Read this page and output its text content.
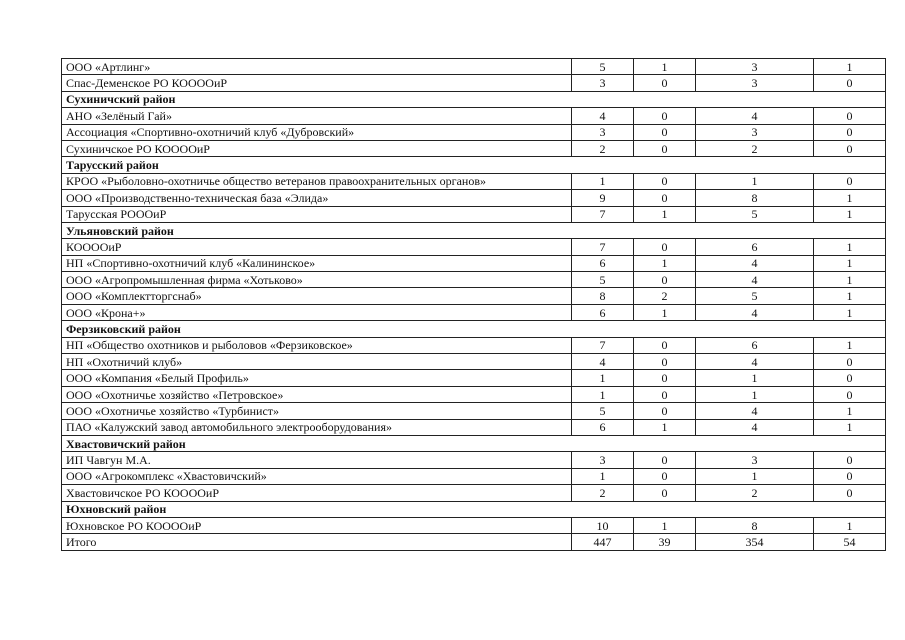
ООО «Артлинг»	5	1	3	1
Спас-Деменское РО КООООиР	3	0	3	0
Сухиничский район				
АНО «Зелёный Гай»	4	0	4	0
Ассоциация «Спортивно-охотничий клуб «Дубровский»	3	0	3	0
Сухиничское РО КООООиР	2	0	2	0
Тарусский район				
КРОО «Рыболовно-охотничье общество ветеранов правоохранительных органов»	1	0	1	0
ООО «Производственно-техническая база «Элида»	9	0	8	1
Тарусская РОООиР	7	1	5	1
Ульяновский район				
КООООиР	7	0	6	1
НП «Спортивно-охотничий клуб «Калининское»	6	1	4	1
ООО «Агропромышленная фирма «Хотьково»	5	0	4	1
ООО «Комплектторгснаб»	8	2	5	1
ООО «Крона+»	6	1	4	1
Ферзиковский район				
НП «Общество охотников и рыболовов «Ферзиковское»	7	0	6	1
НП «Охотничий клуб»	4	0	4	0
ООО «Компания «Белый Профиль»	1	0	1	0
ООО «Охотничье хозяйство «Петровское»	1	0	1	0
ООО «Охотничье хозяйство «Турбинист»	5	0	4	1
ПАО «Калужский завод автомобильного электрооборудования»	6	1	4	1
Хвастовичский район				
ИП Чавгун М.А.	3	0	3	0
ООО «Агрокомплекс «Хвастовичский»	1	0	1	0
Хвастовичское РО КООООиР	2	0	2	0
Юхновский район				
Юхновское РО КООООиР	10	1	8	1
Итого	447	39	354	54
